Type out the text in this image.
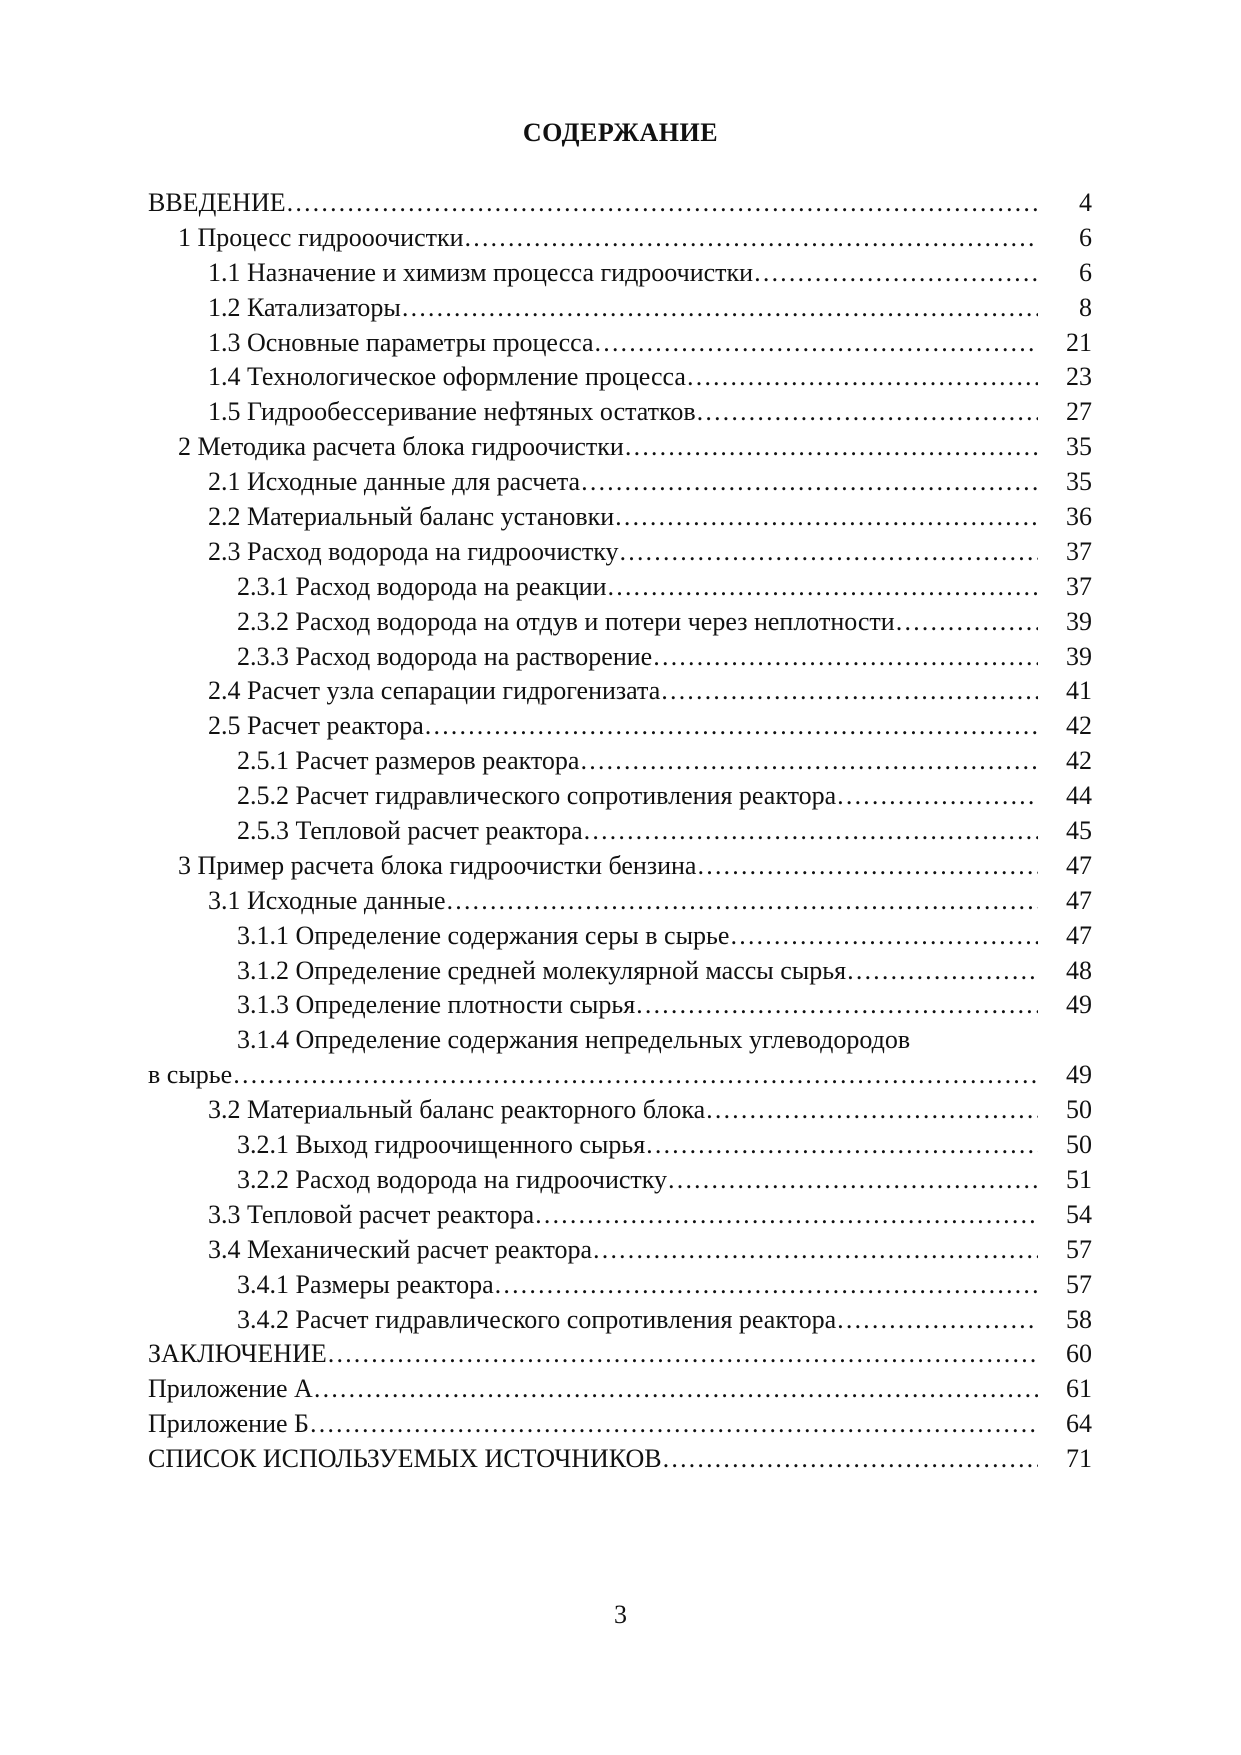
СОДЕРЖАНИЕ
ВВЕДЕНИЕ ………………………………………………………………………………………………………………………………………	4
1 Процесс гидрооочистки ………………………………………………………………………………………………………………………………………	6
1.1 Назначение и химизм процесса гидроочистки ………………………………………………………………………………………………………………………………………	6
1.2 Катализаторы ………………………………………………………………………………………………………………………………………	8
1.3 Основные параметры процесса ………………………………………………………………………………………………………………………………………	21
1.4 Технологическое оформление процесса ………………………………………………………………………………………………………………………………………	23
1.5 Гидрообессеривание нефтяных остатков ………………………………………………………………………………………………………………………………………	27
2 Методика расчета блока гидроочистки ………………………………………………………………………………………………………………………………………	35
2.1 Исходные данные для расчета ………………………………………………………………………………………………………………………………………	35
2.2 Материальный баланс установки ………………………………………………………………………………………………………………………………………	36
2.3 Расход водорода на гидроочистку ………………………………………………………………………………………………………………………………………	37
2.3.1 Расход водорода на реакции ………………………………………………………………………………………………………………………………………	37
2.3.2 Расход водорода на отдув и потери через неплотности ………………………………………………………………………………………………………………………………………	39
2.3.3 Расход водорода на растворение ………………………………………………………………………………………………………………………………………	39
2.4 Расчет узла сепарации гидрогенизата ………………………………………………………………………………………………………………………………………	41
2.5 Расчет реактора ………………………………………………………………………………………………………………………………………	42
2.5.1 Расчет размеров реактора ………………………………………………………………………………………………………………………………………	42
2.5.2 Расчет гидравлического сопротивления реактора ………………………………………………………………………………………………………………………………………	44
2.5.3 Тепловой расчет реактора ………………………………………………………………………………………………………………………………………	45
3 Пример расчета блока гидроочистки бензина ………………………………………………………………………………………………………………………………………	47
3.1 Исходные данные ………………………………………………………………………………………………………………………………………	47
3.1.1 Определение содержания серы в сырье ………………………………………………………………………………………………………………………………………	47
3.1.2 Определение средней молекулярной массы сырья ………………………………………………………………………………………………………………………………………	48
3.1.3 Определение плотности сырья ………………………………………………………………………………………………………………………………………	49
3.1.4 Определение содержания непредельных углеводородов
в сырье ………………………………………………………………………………………………………………………………………	49
3.2 Материальный баланс реакторного блока ………………………………………………………………………………………………………………………………………	50
3.2.1 Выход гидроочищенного сырья ………………………………………………………………………………………………………………………………………	50
3.2.2 Расход водорода на гидроочистку ………………………………………………………………………………………………………………………………………	51
3.3 Тепловой расчет реактора ………………………………………………………………………………………………………………………………………	54
3.4 Механический расчет реактора ………………………………………………………………………………………………………………………………………	57
3.4.1 Размеры реактора ………………………………………………………………………………………………………………………………………	57
3.4.2 Расчет гидравлического сопротивления реактора ………………………………………………………………………………………………………………………………………	58
ЗАКЛЮЧЕНИЕ ………………………………………………………………………………………………………………………………………	60
Приложение А ………………………………………………………………………………………………………………………………………	61
Приложение Б ………………………………………………………………………………………………………………………………………	64
СПИСОК ИСПОЛЬЗУЕМЫХ ИСТОЧНИКОВ ………………………………………………………………………………………………………………………………………	71
3
